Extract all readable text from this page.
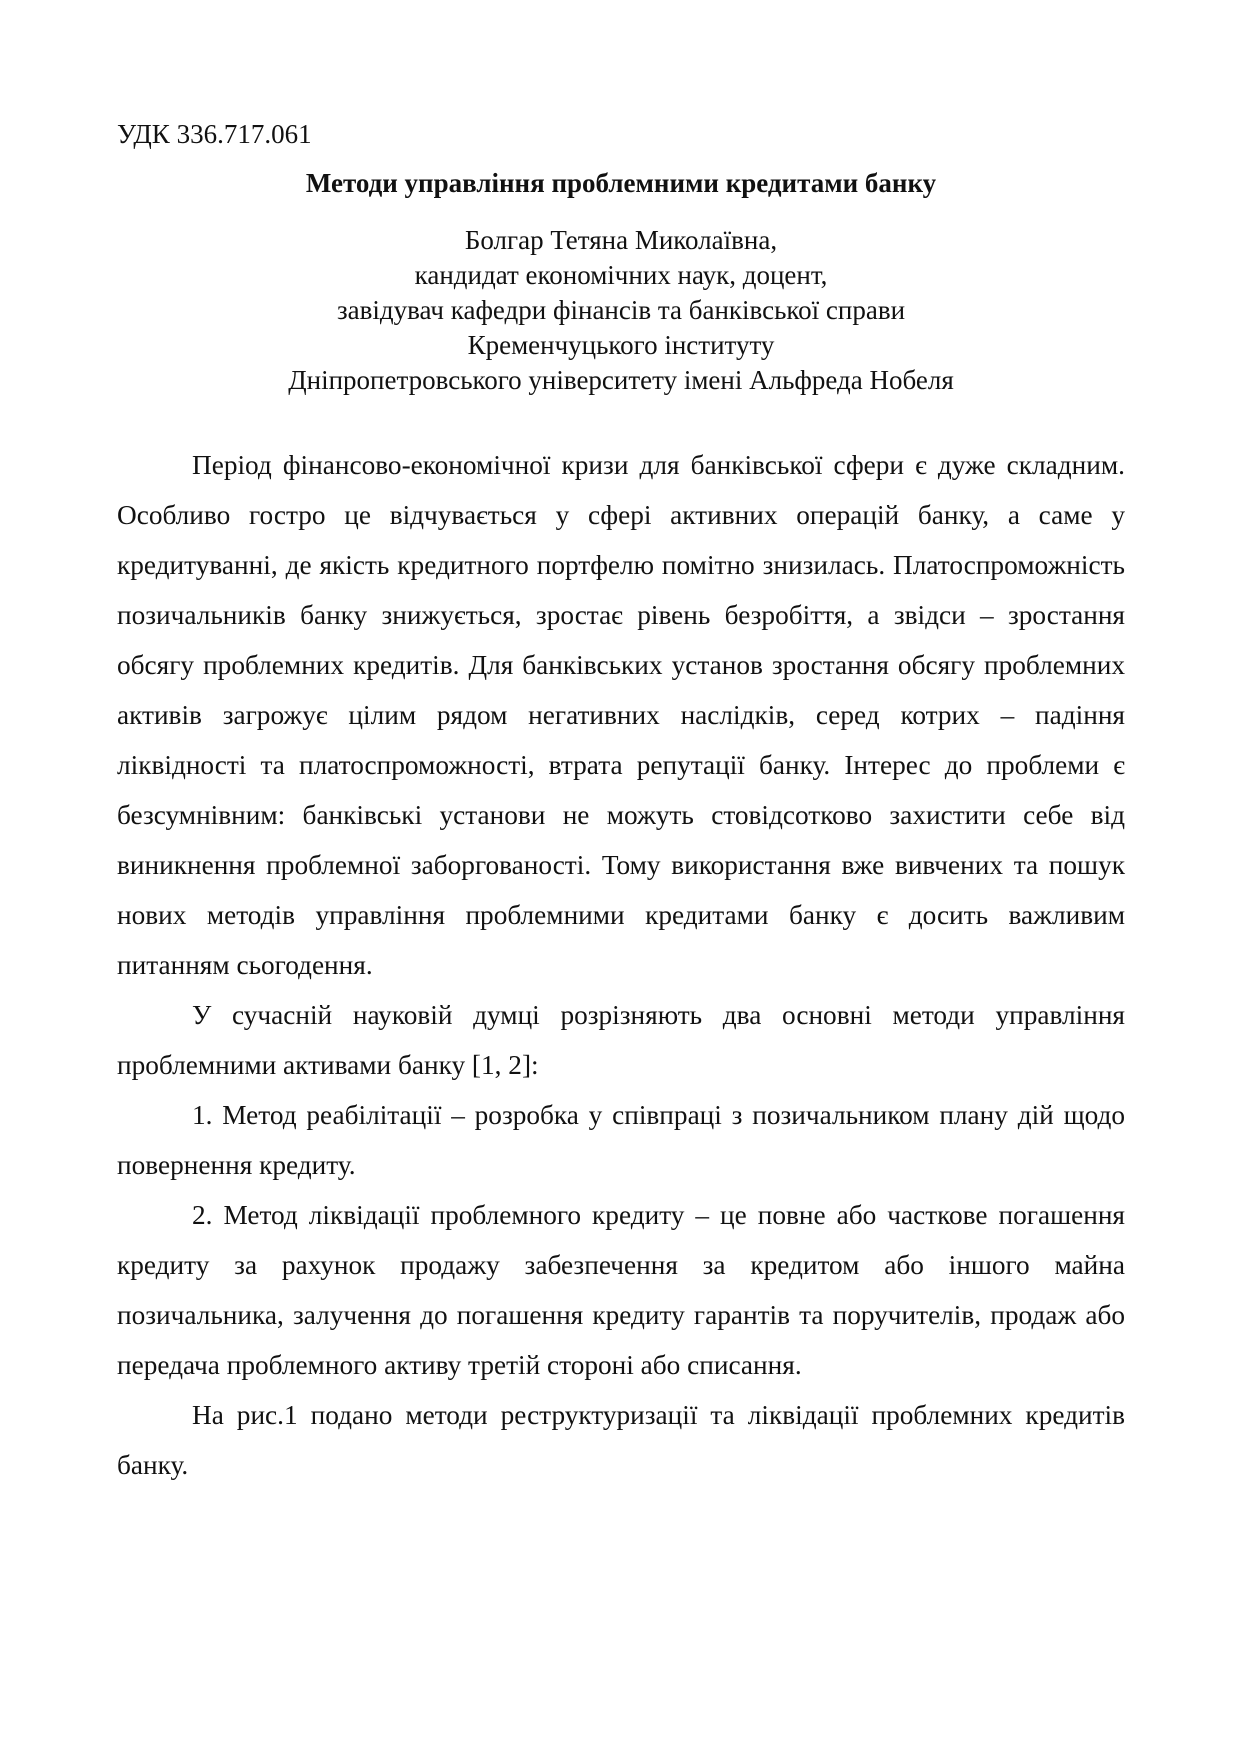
УДК 336.717.061
Методи управління проблемними кредитами банку
Болгар Тетяна Миколаївна,
кандидат економічних наук, доцент,
завідувач кафедри фінансів та банківської справи
Кременчуцького інституту
Дніпропетровського університету імені Альфреда Нобеля

Період фінансово-економічної кризи для банківської сфери є дуже складним. Особливо гостро це відчувається у сфері активних операцій банку, а саме у кредитуванні, де якість кредитного портфелю помітно знизилась. Платоспроможність позичальників банку знижується, зростає рівень безробіття, а звідси – зростання обсягу проблемних кредитів. Для банківських установ зростання обсягу проблемних активів загрожує цілим рядом негативних наслідків, серед котрих – падіння ліквідності та платоспроможності, втрата репутації банку. Інтерес до проблеми є безсумнівним: банківські установи не можуть стовідсотково захистити себе від виникнення проблемної заборгованості. Тому використання вже вивчених та пошук нових методів управління проблемними кредитами банку є досить важливим питанням сьогодення.

У сучасній науковій думці розрізняють два основні методи управління проблемними активами банку [1, 2]:

1. Метод реабілітації – розробка у співпраці з позичальником плану дій щодо повернення кредиту.

2. Метод ліквідації проблемного кредиту – це повне або часткове погашення кредиту за рахунок продажу забезпечення за кредитом або іншого майна позичальника, залучення до погашення кредиту гарантів та поручителів, продаж або передача проблемного активу третій стороні або списання.

На рис.1 подано методи реструктуризації та ліквідації проблемних кредитів банку.
